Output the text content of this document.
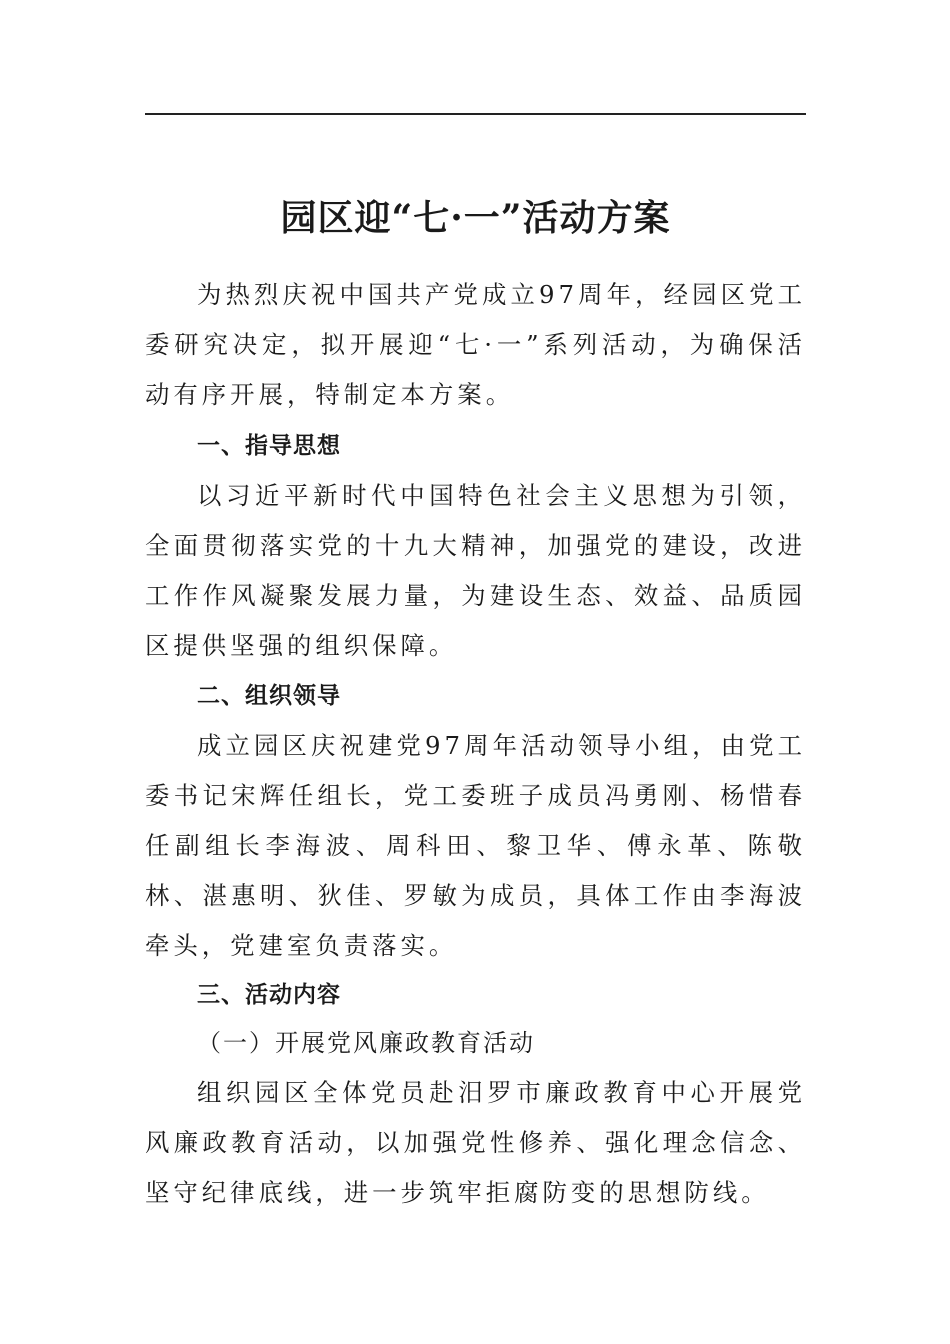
园区迎“七·一”活动方案

为热烈庆祝中国共产党成立97周年，经园区党工委研究决定，拟开展迎“七·一”系列活动，为确保活动有序开展，特制定本方案。

一、指导思想

以习近平新时代中国特色社会主义思想为引领，全面贯彻落实党的十九大精神，加强党的建设，改进工作作风凝聚发展力量，为建设生态、效益、品质园区提供坚强的组织保障。

二、组织领导

成立园区庆祝建党97周年活动领导小组，由党工委书记宋辉任组长，党工委班子成员冯勇刚、杨惜春任副组长李海波、周科田、黎卫华、傅永革、陈敬林、湛惠明、狄佳、罗敏为成员，具体工作由李海波牵头，党建室负责落实。

三、活动内容
（一）开展党风廉政教育活动

组织园区全体党员赴汨罗市廉政教育中心开展党风廉政教育活动，以加强党性修养、强化理念信念、坚守纪律底线，进一步筑牢拒腐防变的思想防线。
